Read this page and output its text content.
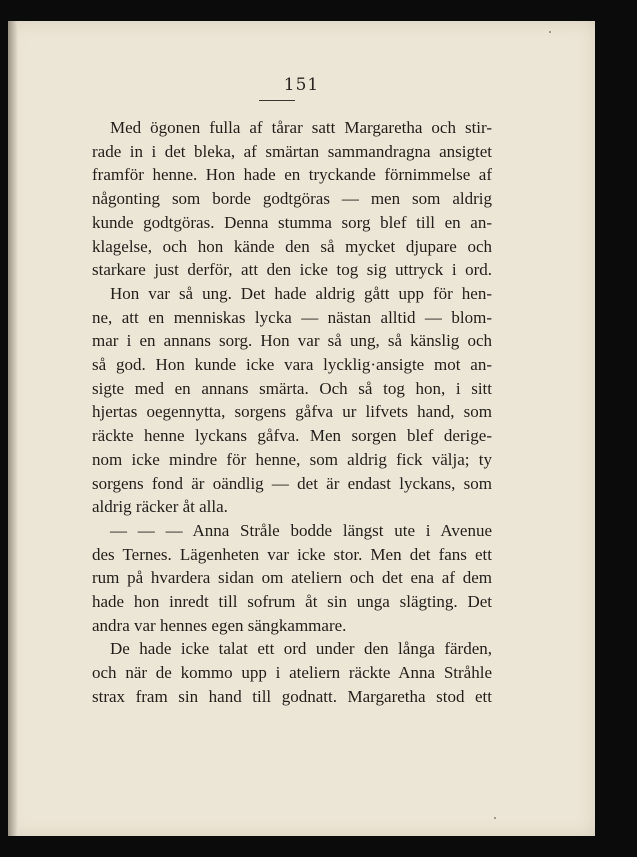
151
Med ögonen fulla af tårar satt Margaretha och stir-
rade in i det bleka, af smärtan sammandragna ansigtet
framför henne. Hon hade en tryckande förnimmelse af
någonting som borde godtgöras — men som aldrig
kunde godtgöras. Denna stumma sorg blef till en an-
klagelse, och hon kände den så mycket djupare och
starkare just derför, att den icke tog sig uttryck i ord.
Hon var så ung. Det hade aldrig gått upp för hen-
ne, att en menniskas lycka — nästan alltid — blom-
mar i en annans sorg. Hon var så ung, så känslig och
så god. Hon kunde icke vara lycklig·ansigte mot an-
sigte med en annans smärta. Och så tog hon, i sitt
hjertas oegennytta, sorgens gåfva ur lifvets hand, som
räckte henne lyckans gåfva. Men sorgen blef derige-
nom icke mindre för henne, som aldrig fick välja; ty
sorgens fond är oändlig — det är endast lyckans, som
aldrig räcker åt alla.
— — — Anna Stråle bodde längst ute i Avenue
des Ternes. Lägenheten var icke stor. Men det fans ett
rum på hvardera sidan om ateliern och det ena af dem
hade hon inredt till sofrum åt sin unga slägting. Det
andra var hennes egen sängkammare.
De hade icke talat ett ord under den långa färden,
och när de kommo upp i ateliern räckte Anna Stråhle
strax fram sin hand till godnatt. Margaretha stod ett
